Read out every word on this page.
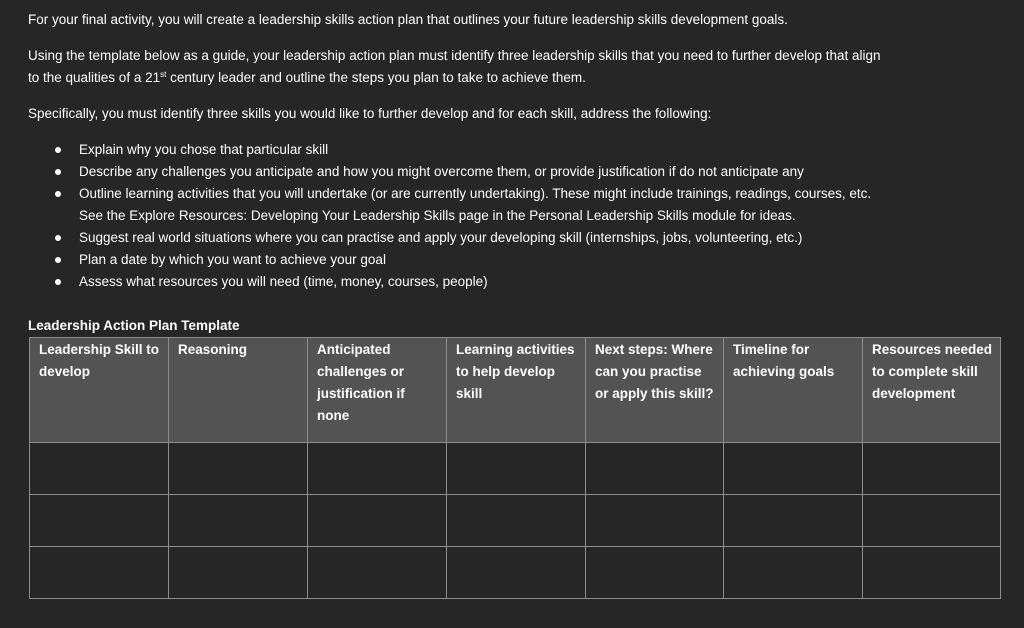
For your final activity, you will create a leadership skills action plan that outlines your future leadership skills development goals.

Using the template below as a guide, your leadership action plan must identify three leadership skills that you need to further develop that align
to the qualities of a 21st century leader and outline the steps you plan to take to achieve them.

Specifically, you must identify three skills you would like to further develop and for each skill, address the following:

Explain why you chose that particular skill
Describe any challenges you anticipate and how you might overcome them, or provide justification if do not anticipate any
Outline learning activities that you will undertake (or are currently undertaking). These might include trainings, readings, courses, etc.
See the Explore Resources: Developing Your Leadership Skills page in the Personal Leadership Skills module for ideas.
Suggest real world situations where you can practise and apply your developing skill (internships, jobs, volunteering, etc.)
Plan a date by which you want to achieve your goal
Assess what resources you will need (time, money, courses, people)

Leadership Action Plan Template

Leadership Skill to
develop	Reasoning	Anticipated
challenges or
justification if
none	Learning activities
to help develop
skill	Next steps: Where
can you practise
or apply this skill?	Timeline for
achieving goals	Resources needed
to complete skill
development
